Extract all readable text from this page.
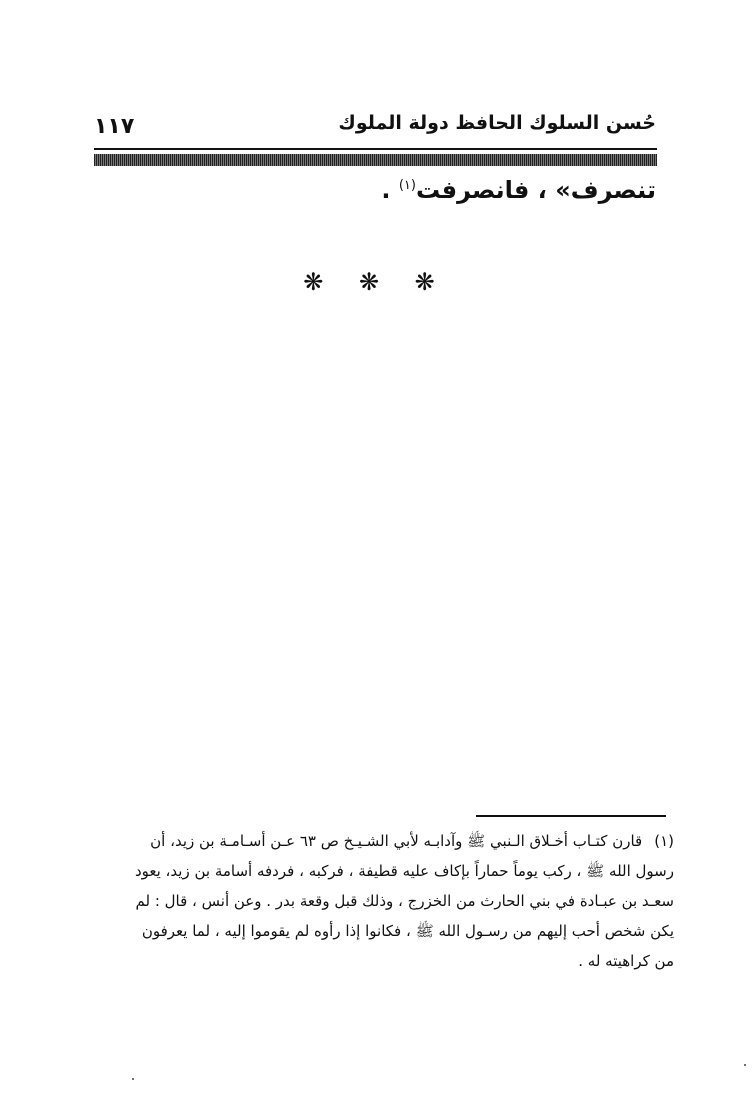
حُسن السلوك الحافظ دولة الملوك
١١٧
تنصرف» ، فانصرفت$^{(١)}$ .
❋ ❋ ❋
(١)قارن كتـاب أخـلاق الـنبي ﷺ وآدابـه لأبي الشـيـخ ص ٦٣ عـن أسـامـة بن زيد، أن
رسول الله ﷺ ، ركب يوماً حماراً بإكاف عليه قطيفة ، فركبه ، فردفه أسامة بن زيد، يعود
سعـد بن عبـادة في بني الحارث من الخزرج ، وذلك قبل وقعة بدر . وعن أنس ، قال : لم
يكن شخص أحب إليهم من رسـول الله ﷺ ، فكانوا إذا رأوه لم يقوموا إليه ، لما يعرفون
من كراهيته له .
